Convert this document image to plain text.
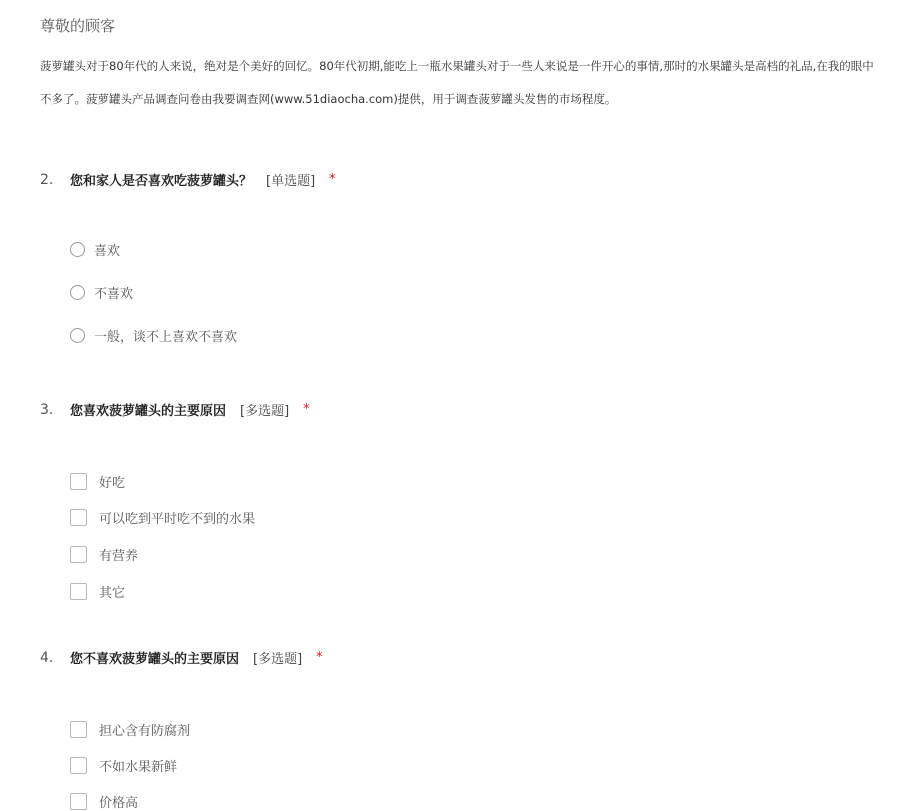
尊敬的顾客
菠萝罐头对于80年代的人来说，绝对是个美好的回忆。80年代初期,能吃上一瓶水果罐头对于一些人来说是一件开心的事情,那时的水果罐头是高档的礼品,在我的眼中
不多了。菠萝罐头产品调查问卷由我要调查网(www.51diaocha.com)提供，用于调查菠萝罐头发售的市场程度。
2.	您和家人是否喜欢吃菠萝罐头？ [单选题] *
喜欢
不喜欢
一般，谈不上喜欢不喜欢
3.	您喜欢菠萝罐头的主要原因 [多选题] *
好吃
可以吃到平时吃不到的水果
有营养
其它
4.	您不喜欢菠萝罐头的主要原因 [多选题] *
担心含有防腐剂
不如水果新鲜
价格高
